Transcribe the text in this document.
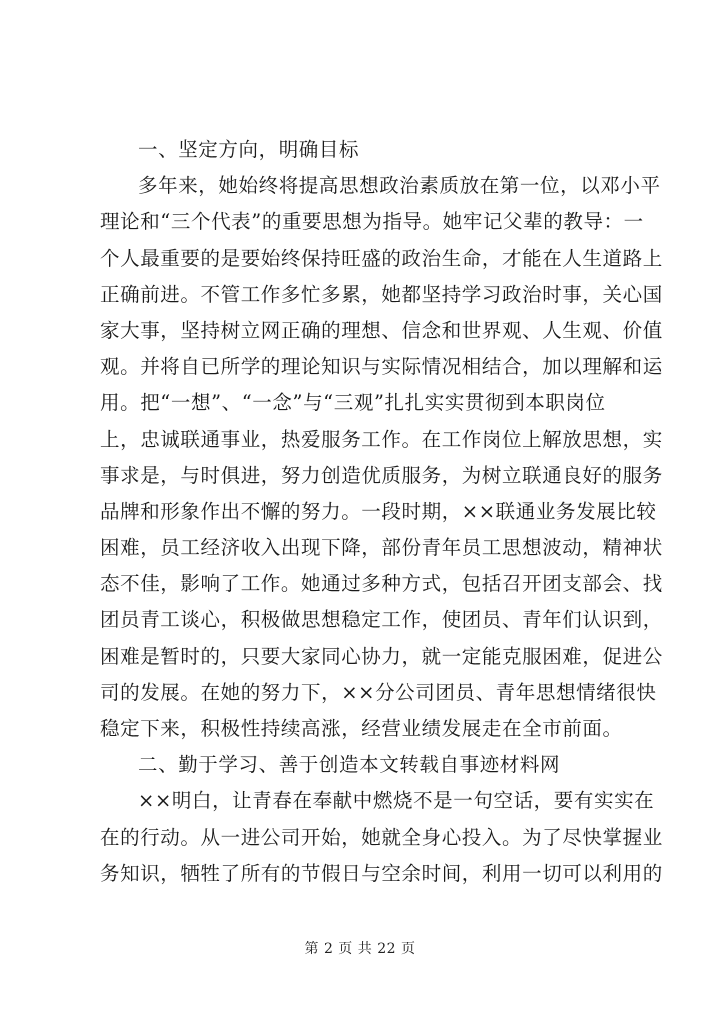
一、坚定方向，明确目标
多年来，她始终将提高思想政治素质放在第一位，以邓小平
理论和“三个代表”的重要思想为指导。她牢记父辈的教导：一
个人最重要的是要始终保持旺盛的政治生命，才能在人生道路上
正确前进。不管工作多忙多累，她都坚持学习政治时事，关心国
家大事，坚持树立网正确的理想、信念和世界观、人生观、价值
观。并将自已所学的理论知识与实际情况相结合，加以理解和运
用。把“一想”、“一念”与“三观”扎扎实实贯彻到本职岗位
上，忠诚联通事业，热爱服务工作。在工作岗位上解放思想，实
事求是，与时俱进，努力创造优质服务，为树立联通良好的服务
品牌和形象作出不懈的努力。一段时期，××联通业务发展比较
困难，员工经济收入出现下降，部份青年员工思想波动，精神状
态不佳，影响了工作。她通过多种方式，包括召开团支部会、找
团员青工谈心，积极做思想稳定工作，使团员、青年们认识到，
困难是暂时的，只要大家同心协力，就一定能克服困难，促进公
司的发展。在她的努力下，××分公司团员、青年思想情绪很快
稳定下来，积极性持续高涨，经营业绩发展走在全市前面。
二、勤于学习、善于创造本文转载自事迹材料网
××明白，让青春在奉献中燃烧不是一句空话，要有实实在
在的行动。从一进公司开始，她就全身心投入。为了尽快掌握业
务知识，牺牲了所有的节假日与空余时间，利用一切可以利用的
第 2 页 共 22 页
